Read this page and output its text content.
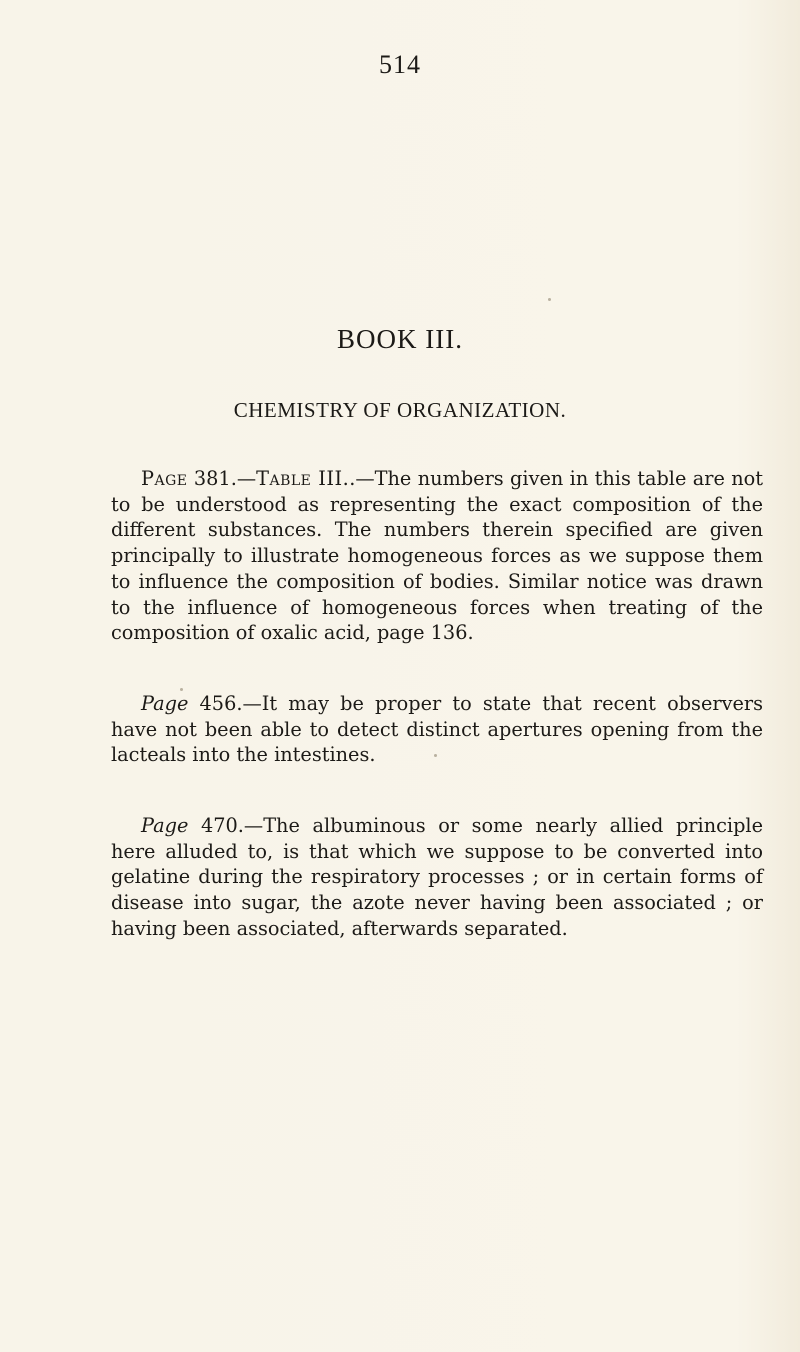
514
BOOK III.
CHEMISTRY OF ORGANIZATION.

Page 381.—Table III..—The numbers given in this table are not to be understood as representing the exact composition of the different substances. The numbers therein specified are given principally to illustrate homogeneous forces as we suppose them to influence the composition of bodies. Similar notice was drawn to the influence of homogeneous forces when treating of the composition of oxalic acid, page 136.

Page 456.—It may be proper to state that recent observers have not been able to detect distinct apertures opening from the lacteals into the intestines.

Page 470.—The albuminous or some nearly allied principle here alluded to, is that which we suppose to be converted into gelatine during the respiratory processes ; or in certain forms of disease into sugar, the azote never having been associated ; or having been associated, afterwards separated.
